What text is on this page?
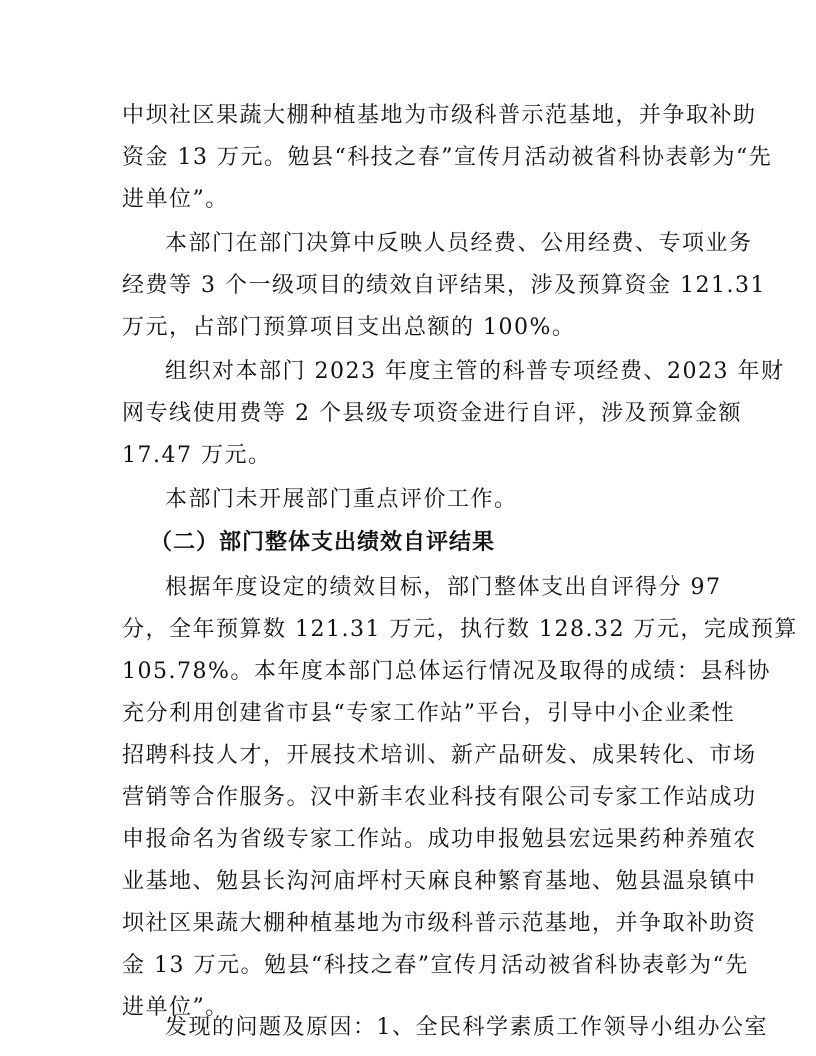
中坝社区果蔬大棚种植基地为市级科普示范基地，并争取补助
资金 13 万元。勉县“科技之春”宣传月活动被省科协表彰为“先
进单位”。
本部门在部门决算中反映人员经费、公用经费、专项业务
经费等 3 个一级项目的绩效自评结果，涉及预算资金 121.31
万元，占部门预算项目支出总额的 100%。
组织对本部门 2023 年度主管的科普专项经费、2023 年财
网专线使用费等 2 个县级专项资金进行自评，涉及预算金额
17.47 万元。
本部门未开展部门重点评价工作。
（二）部门整体支出绩效自评结果
根据年度设定的绩效目标，部门整体支出自评得分 97
分，全年预算数 121.31 万元，执行数 128.32 万元，完成预算
105.78%。本年度本部门总体运行情况及取得的成绩：县科协
充分利用创建省市县“专家工作站”平台，引导中小企业柔性
招聘科技人才，开展技术培训、新产品研发、成果转化、市场
营销等合作服务。汉中新丰农业科技有限公司专家工作站成功
申报命名为省级专家工作站。成功申报勉县宏远果药种养殖农
业基地、勉县长沟河庙坪村天麻良种繁育基地、勉县温泉镇中
坝社区果蔬大棚种植基地为市级科普示范基地，并争取补助资
金 13 万元。勉县“科技之春”宣传月活动被省科协表彰为“先
进单位”。
发现的问题及原因：1、全民科学素质工作领导小组办公室
